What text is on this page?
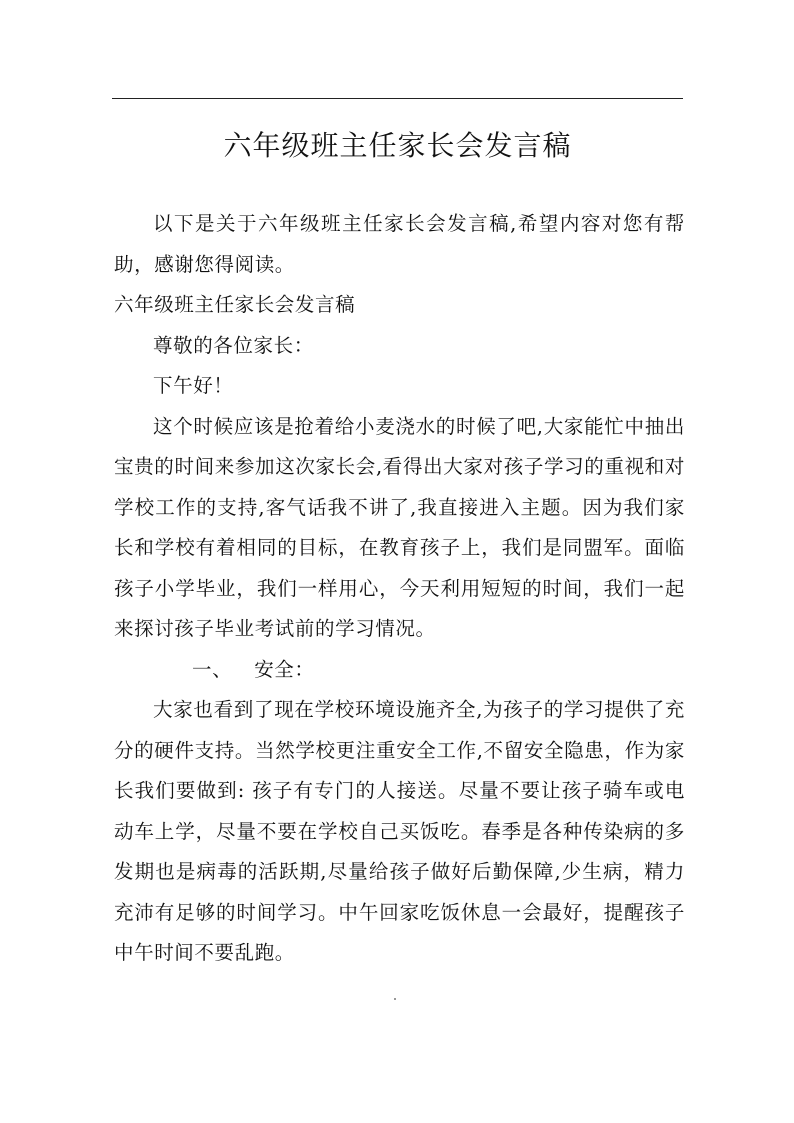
六年级班主任家长会发言稿

以下是关于六年级班主任家长会发言稿,希望内容对您有帮助，感谢您得阅读。

六年级班主任家长会发言稿

尊敬的各位家长：

下午好！

这个时候应该是抢着给小麦浇水的时候了吧,大家能忙中抽出宝贵的时间来参加这次家长会,看得出大家对孩子学习的重视和对学校工作的支持,客气话我不讲了,我直接进入主题。因为我们家长和学校有着相同的目标，在教育孩子上，我们是同盟军。面临孩子小学毕业，我们一样用心，今天利用短短的时间，我们一起来探讨孩子毕业考试前的学习情况。

一、 安全：

大家也看到了现在学校环境设施齐全,为孩子的学习提供了充分的硬件支持。当然学校更注重安全工作,不留安全隐患，作为家长我们要做到: 孩子有专门的人接送。尽量不要让孩子骑车或电动车上学，尽量不要在学校自己买饭吃。春季是各种传染病的多发期也是病毒的活跃期,尽量给孩子做好后勤保障,少生病，精力充沛有足够的时间学习。中午回家吃饭休息一会最好，提醒孩子中午时间不要乱跑。
